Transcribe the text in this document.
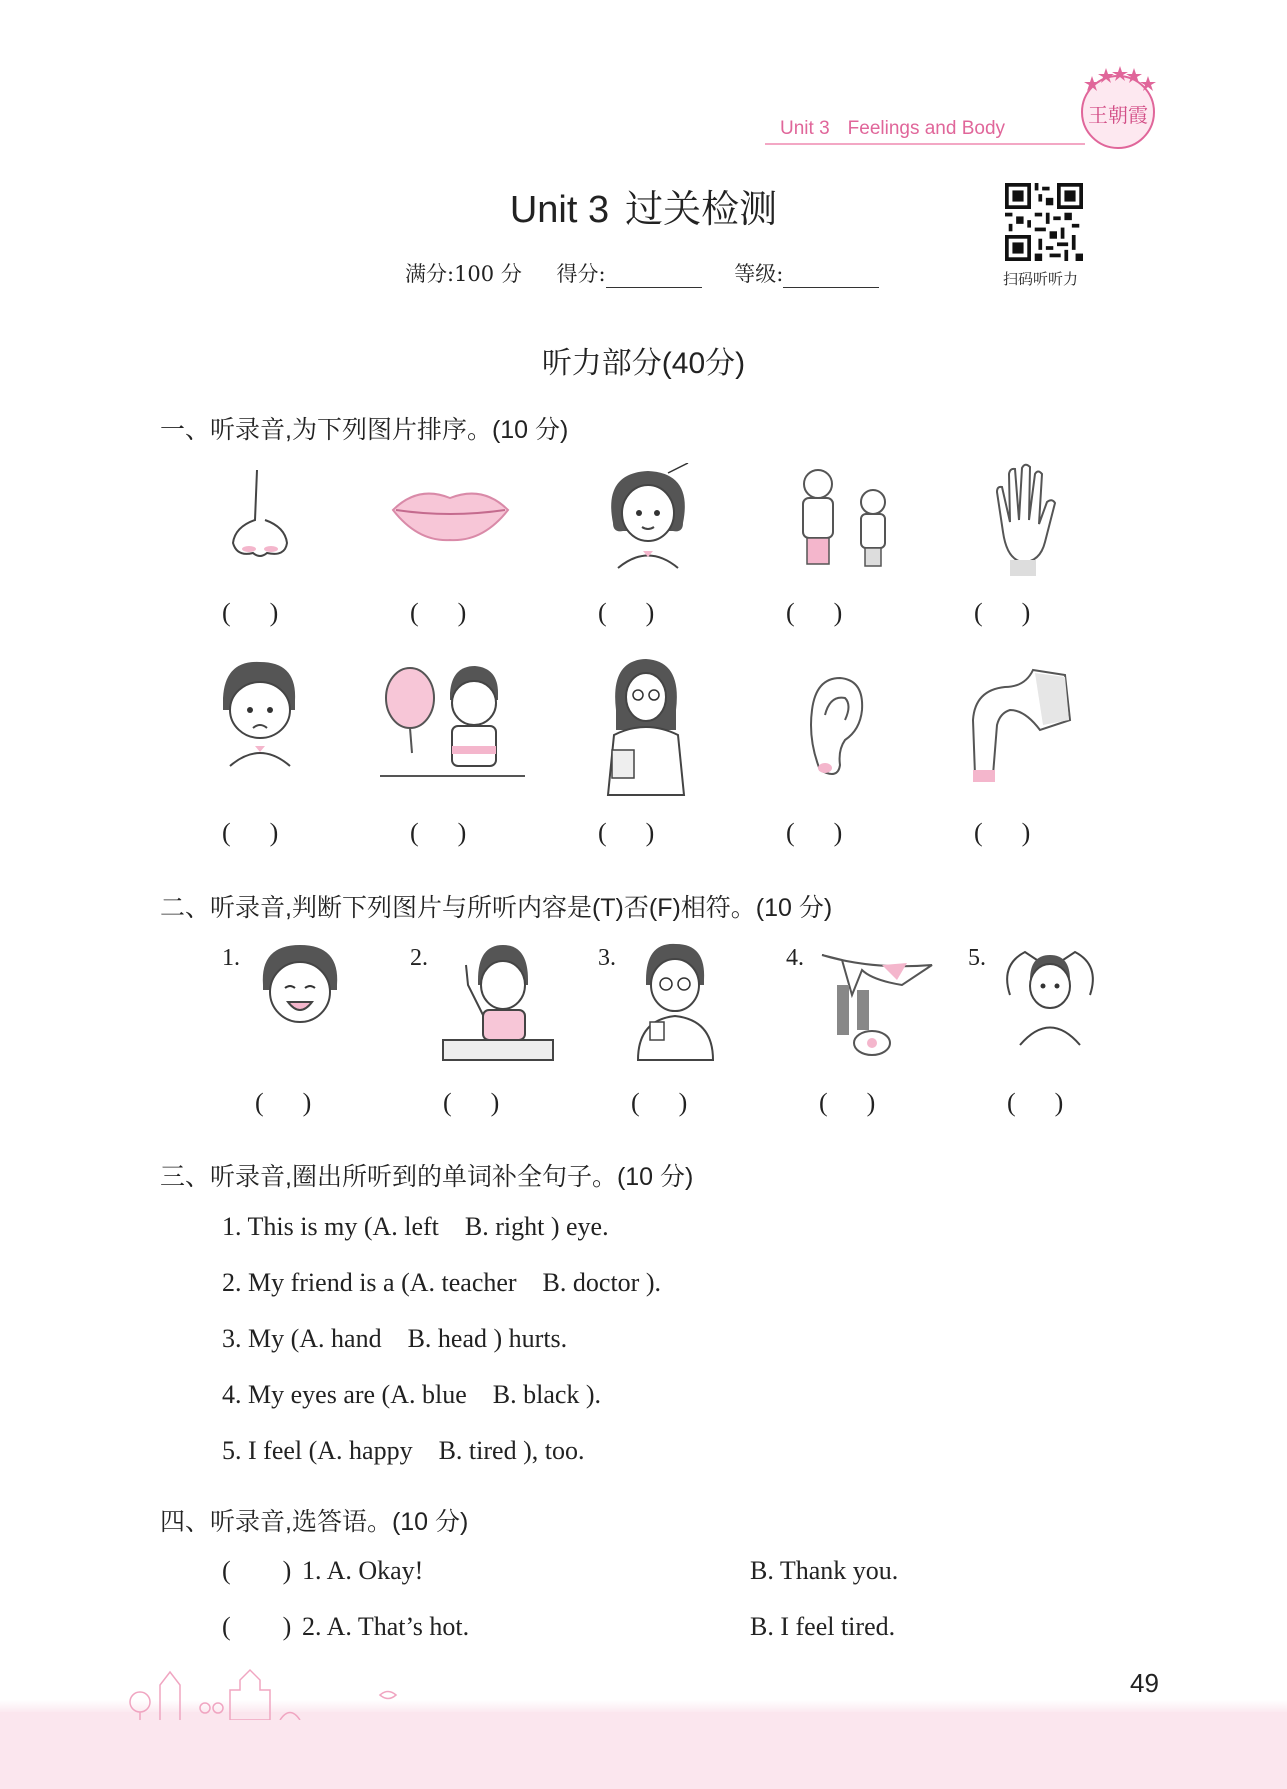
Unit 3 Feelings and Body
王朝霞
Unit 3 过关检测
满分:100 分 得分:	等级:	扫码听听力
听力部分(40分)
一、听录音,为下列图片排序。(10 分)
(      )	(      )	(      )	(      )	(      )
(      )	(      )	(      )	(      )	(      )
二、听录音,判断下列图片与所听内容是(T)否(F)相符。(10 分)
1.	2.	3.	4.	5.
(      )	(      )	(      )	(      )	(      )
三、听录音,圈出所听到的单词补全句子。(10 分)
1. This is my (A. left    B. right ) eye.
2. My friend is a (A. teacher    B. doctor ).
3. My (A. hand    B. head ) hurts.
4. My eyes are (A. blue    B. black ).
5. I feel (A. happy    B. tired ), too.
四、听录音,选答语。(10 分)
(        ) 1. A. Okay!	B. Thank you.
(        ) 2. A. That’s hot.	B. I feel tired.
49
